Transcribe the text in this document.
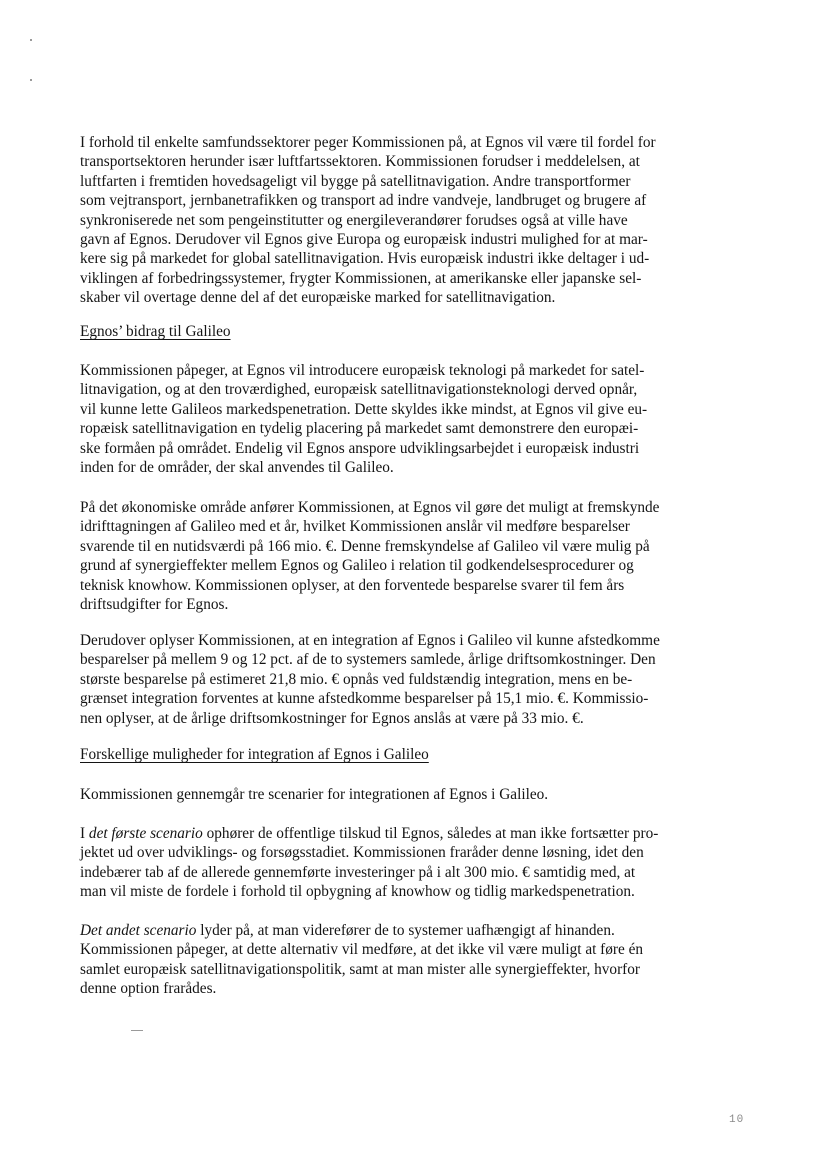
I forhold til enkelte samfundssektorer peger Kommissionen på, at Egnos vil være til fordel for
transportsektoren herunder især luftfartssektoren. Kommissionen forudser i meddelelsen, at
luftfarten i fremtiden hovedsageligt vil bygge på satellitnavigation. Andre transportformer
som vejtransport, jernbanetrafikken og transport ad indre vandveje, landbruget og brugere af
synkroniserede net som pengeinstitutter og energileverandører forudses også at ville have
gavn af Egnos. Derudover vil Egnos give Europa og europæisk industri mulighed for at mar-
kere sig på markedet for global satellitnavigation. Hvis europæisk industri ikke deltager i ud-
viklingen af forbedringssystemer, frygter Kommissionen, at amerikanske eller japanske sel-
skaber vil overtage denne del af det europæiske marked for satellitnavigation.
Egnos’ bidrag til Galileo
Kommissionen påpeger, at Egnos vil introducere europæisk teknologi på markedet for satel-
litnavigation, og at den troværdighed, europæisk satellitnavigationsteknologi derved opnår,
vil kunne lette Galileos markedspenetration. Dette skyldes ikke mindst, at Egnos vil give eu-
ropæisk satellitnavigation en tydelig placering på markedet samt demonstrere den europæi-
ske formåen på området. Endelig vil Egnos anspore udviklingsarbejdet i europæisk industri
inden for de områder, der skal anvendes til Galileo.
På det økonomiske område anfører Kommissionen, at Egnos vil gøre det muligt at fremskynde
idrifttagningen af Galileo med et år, hvilket Kommissionen anslår vil medføre besparelser
svarende til en nutidsværdi på 166 mio. €. Denne fremskyndelse af Galileo vil være mulig på
grund af synergieffekter mellem Egnos og Galileo i relation til godkendelsesprocedurer og
teknisk knowhow. Kommissionen oplyser, at den forventede besparelse svarer til fem års
driftsudgifter for Egnos.
Derudover oplyser Kommissionen, at en integration af Egnos i Galileo vil kunne afstedkomme
besparelser på mellem 9 og 12 pct. af de to systemers samlede, årlige driftsomkostninger. Den
største besparelse på estimeret 21,8 mio. € opnås ved fuldstændig integration, mens en be-
grænset integration forventes at kunne afstedkomme besparelser på 15,1 mio. €. Kommissio-
nen oplyser, at de årlige driftsomkostninger for Egnos anslås at være på 33 mio. €.
Forskellige muligheder for integration af Egnos i Galileo
Kommissionen gennemgår tre scenarier for integrationen af Egnos i Galileo.
I det første scenario ophører de offentlige tilskud til Egnos, således at man ikke fortsætter pro-
jektet ud over udviklings- og forsøgsstadiet. Kommissionen fraråder denne løsning, idet den
indebærer tab af de allerede gennemførte investeringer på i alt 300 mio. € samtidig med, at
man vil miste de fordele i forhold til opbygning af knowhow og tidlig markedspenetration.
Det andet scenario lyder på, at man viderefører de to systemer uafhængigt af hinanden.
Kommissionen påpeger, at dette alternativ vil medføre, at det ikke vil være muligt at føre én
samlet europæisk satellitnavigationspolitik, samt at man mister alle synergieffekter, hvorfor
denne option frarådes.
10
